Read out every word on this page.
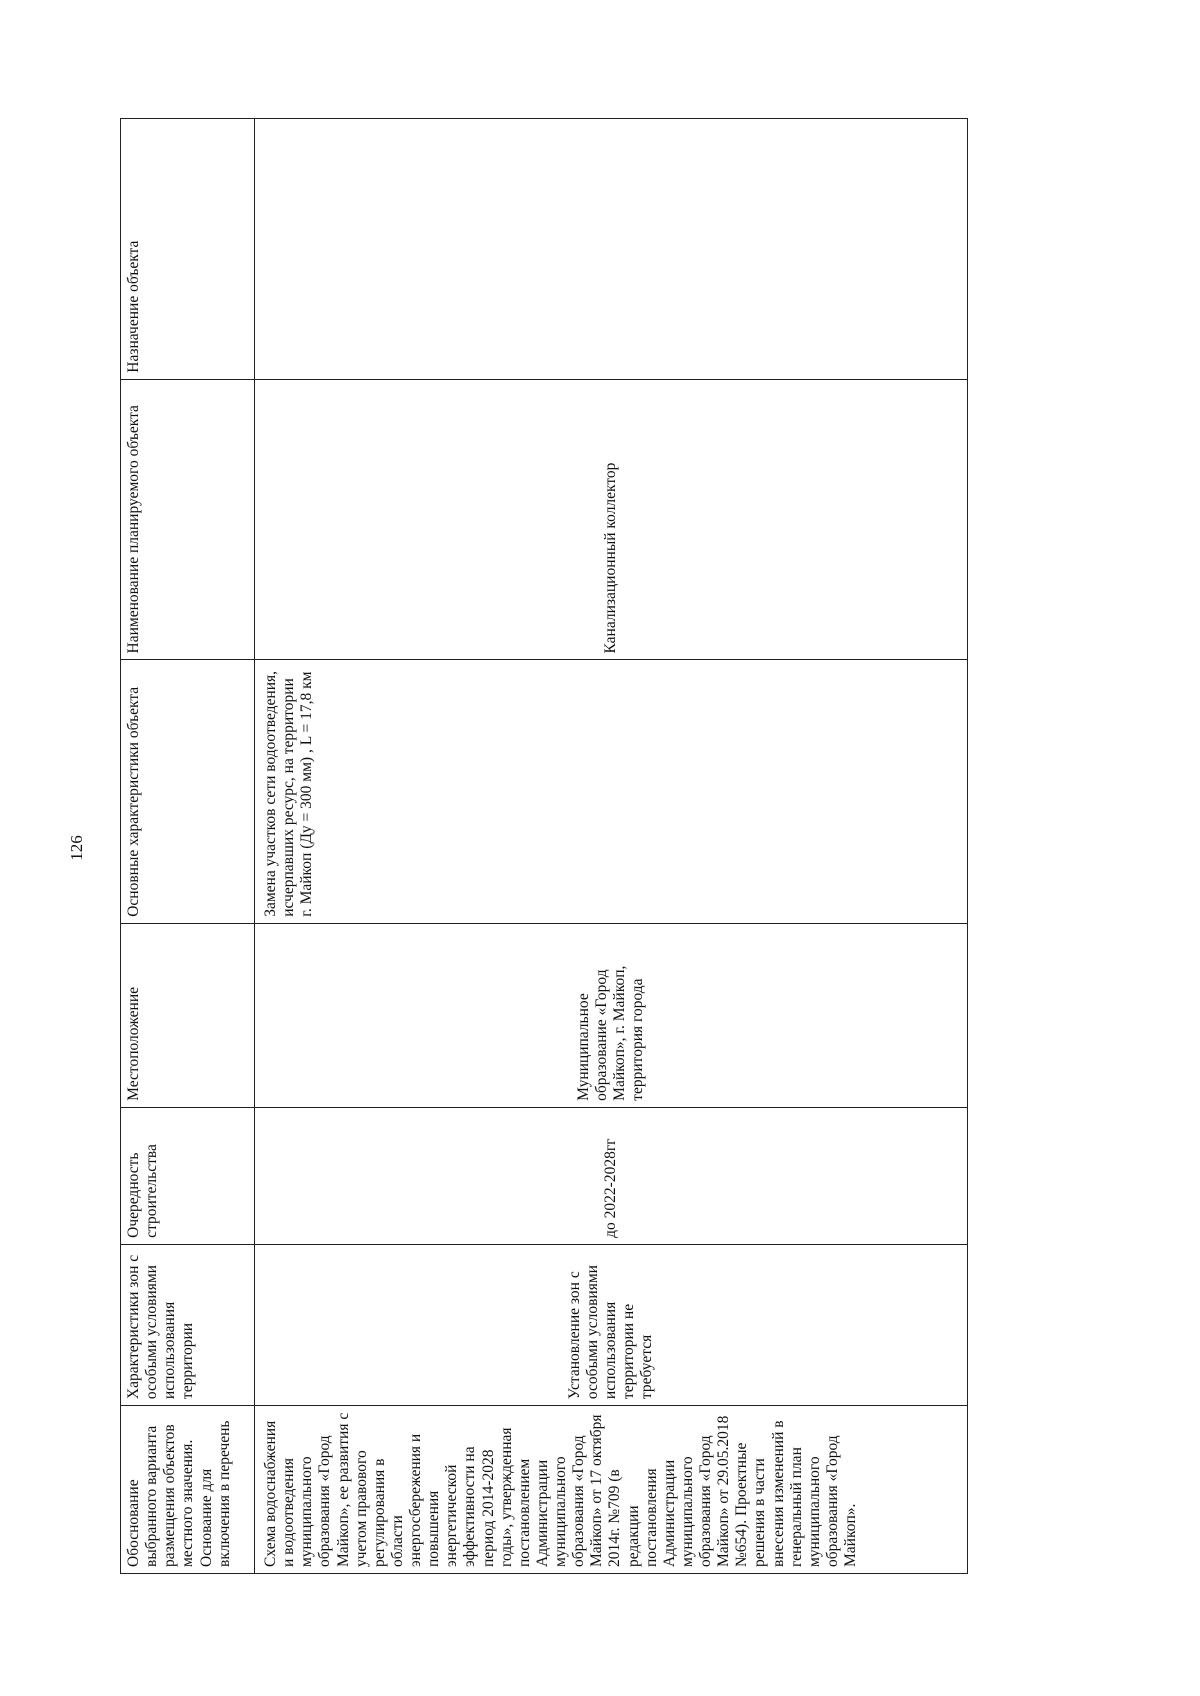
126
Обоснование выбранного варианта размещения объектов местного значения. Основание для включения в перечень	Характеристики зон с особыми условиями использования территории	Очередность строительства	Местоположение	Основные характеристики объекта	Наименование планируемого объекта	Назначение объекта

Схема водоснабжения и водоотведения муниципального образования «Город Майкоп», ее развития с учетом правового регулирования в области энергосбережения и повышения энергетической эффективности на период 2014-2028 годы», утвержденная постановлением Администрации муниципального образования «Город Майкоп» от 17 октября 2014г. №709 (в редакции постановления Администрации муниципального образования «Город Майкоп» от 29.05.2018 №654). Проектные решения в части внесения изменений в генеральный план муниципального образования «Город Майкоп».	Установление зон с особыми условиями использования территории не требуется	до 2022-2028гг	Муниципальное образование «Город Майкоп», г. Майкоп, территория города	Замена участков сети водоотведения, исчерпавших ресурс, на территории г. Майкоп (Ду = 300 мм) , L = 17,8 км	Канализационный коллектор	
